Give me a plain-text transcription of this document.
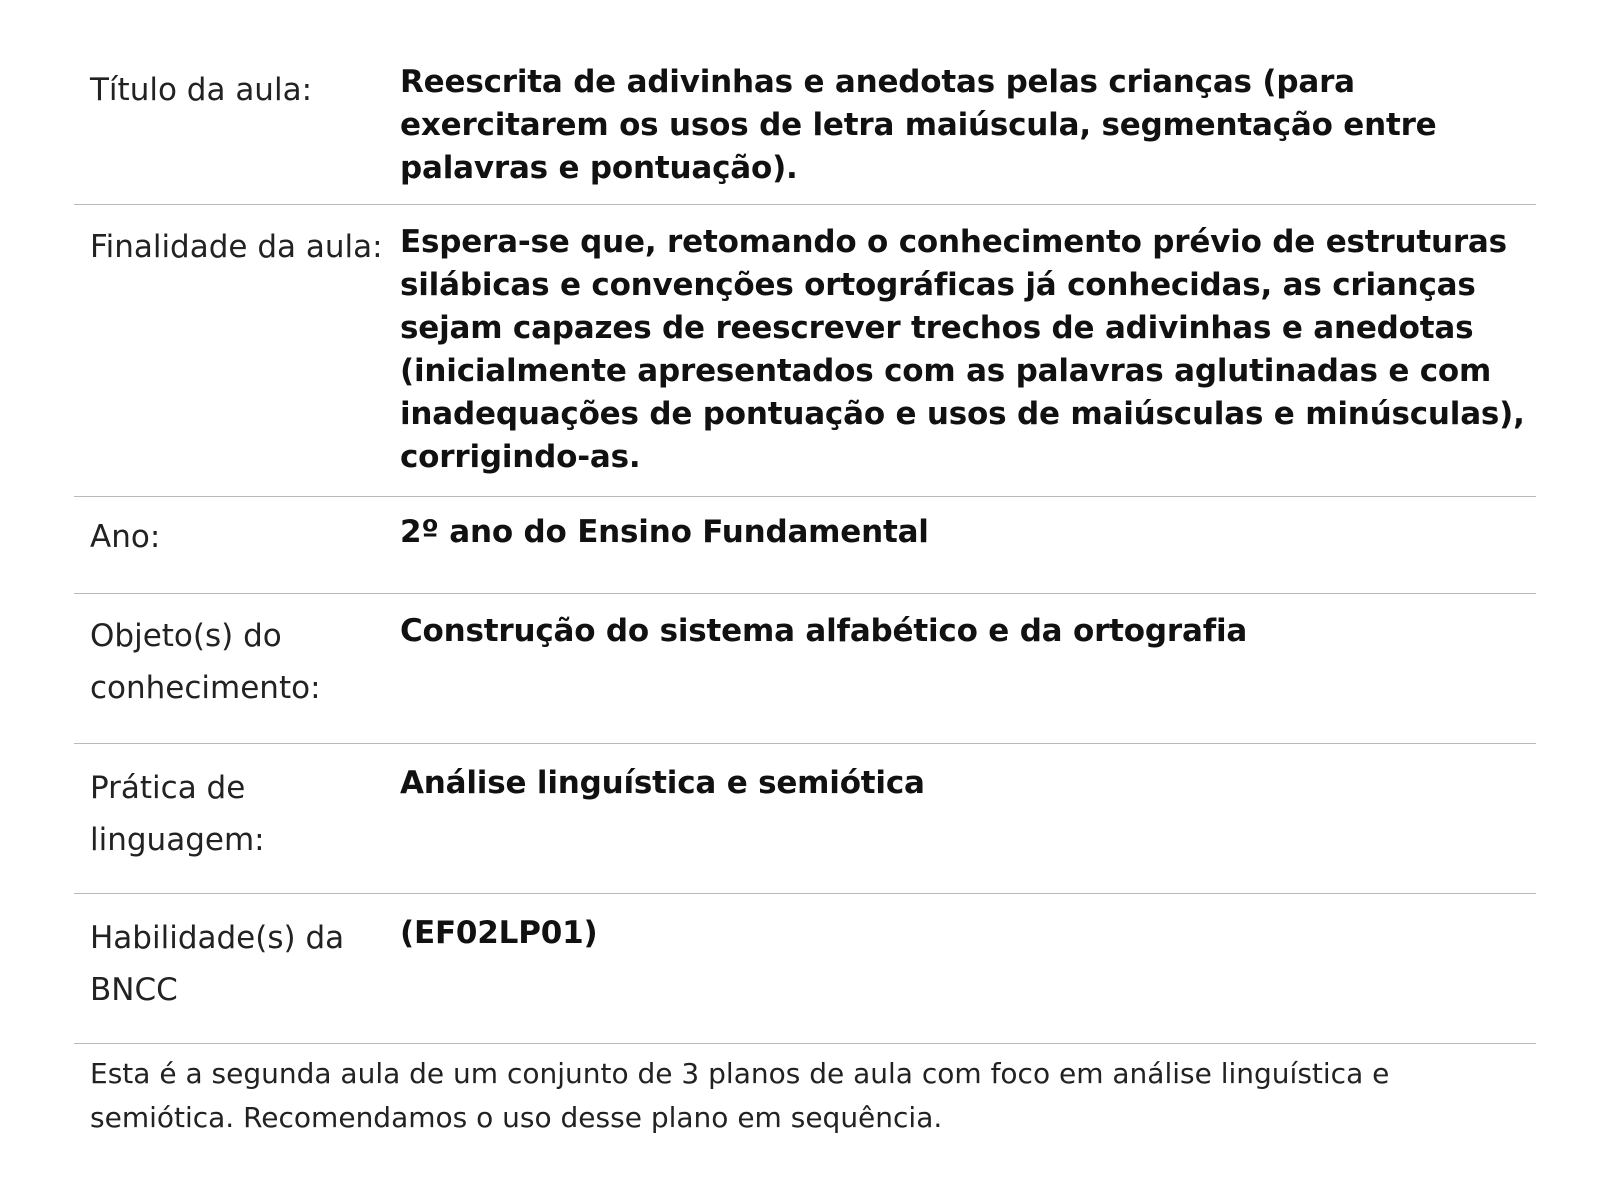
Título da aula:	Reescrita de adivinhas e anedotas pelas crianças (para exercitarem os usos de letra maiúscula, segmentação entre palavras e pontuação).
Finalidade da aula: Espera-se que, retomando o conhecimento prévio de estruturas silábicas e convenções ortográficas já conhecidas, as crianças sejam capazes de reescrever trechos de adivinhas e anedotas (inicialmente apresentados com as palavras aglutinadas e com inadequações de pontuação e usos de maiúsculas e minúsculas), corrigindo-as.
Ano:	2º ano do Ensino Fundamental
Objeto(s) do conhecimento:
Construção do sistema alfabético e da ortografia
Prática de linguagem:
Análise linguística e semiótica
Habilidade(s) da BNCC
(EF02LP01)
Esta é a segunda aula de um conjunto de 3 planos de aula com foco em análise linguística e semiótica. Recomendamos o uso desse plano em sequência.
